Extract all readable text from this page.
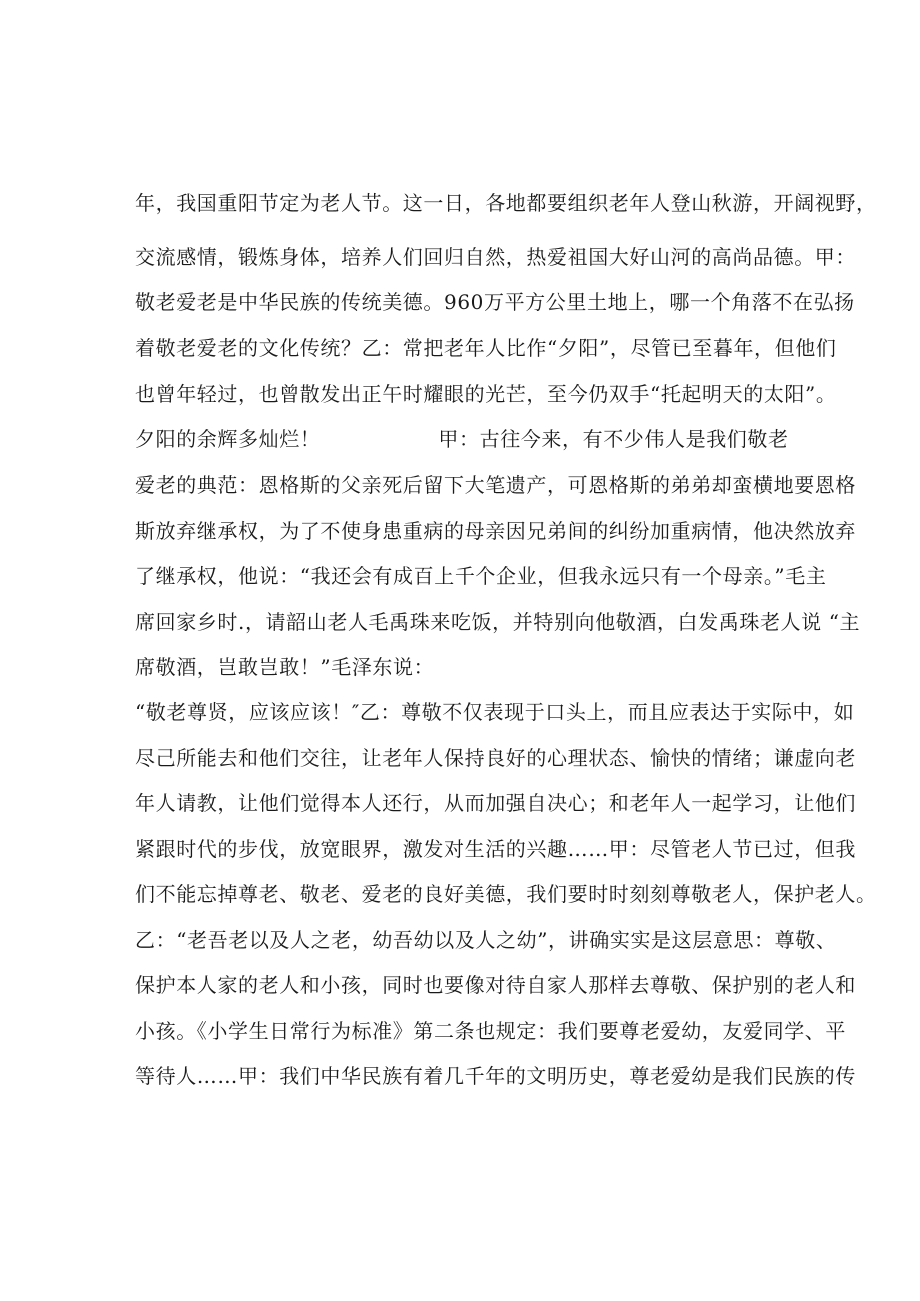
年，我国重阳节定为老人节。这一日，各地都要组织老年人登山秋游，开阔视野，
交流感情，锻炼身体，培养人们回归自然，热爱祖国大好山河的高尚品德。甲：
敬老爱老是中华民族的传统美德。960万平方公里土地上，哪一个角落不在弘扬
着敬老爱老的文化传统？乙：常把老年人比作“夕阳”，尽管已至暮年，但他们
也曾年轻过，也曾散发出正午时耀眼的光芒，至今仍双手“托起明天的太阳”。
夕阳的余辉多灿烂！	甲：古往今来，有不少伟人是我们敬老
爱老的典范：恩格斯的父亲死后留下大笔遗产，可恩格斯的弟弟却蛮横地要恩格
斯放弃继承权，为了不使身患重病的母亲因兄弟间的纠纷加重病情，他决然放弃
了继承权，他说：“我还会有成百上千个企业，但我永远只有一个母亲。”毛主
席回家乡时.，请韶山老人毛禹珠来吃饭，并特别向他敬酒，白发禹珠老人说 “主
席敬酒，岂敢岂敢！”毛泽东说：
“敬老尊贤，应该应该！″乙：尊敬不仅表现于口头上，而且应表达于实际中，如
尽己所能去和他们交往，让老年人保持良好的心理状态、愉快的情绪；谦虚向老
年人请教，让他们觉得本人还行，从而加强自决心；和老年人一起学习，让他们
紧跟时代的步伐，放宽眼界，激发对生活的兴趣……甲：尽管老人节已过，但我
们不能忘掉尊老、敬老、爱老的良好美德，我们要时时刻刻尊敬老人，保护老人。
乙：“老吾老以及人之老，幼吾幼以及人之幼”，讲确实实是这层意思：尊敬、
保护本人家的老人和小孩，同时也要像对待自家人那样去尊敬、保护别的老人和
小孩。《小学生日常行为标准》第二条也规定：我们要尊老爱幼，友爱同学、平
等待人……甲：我们中华民族有着几千年的文明历史，尊老爱幼是我们民族的传
